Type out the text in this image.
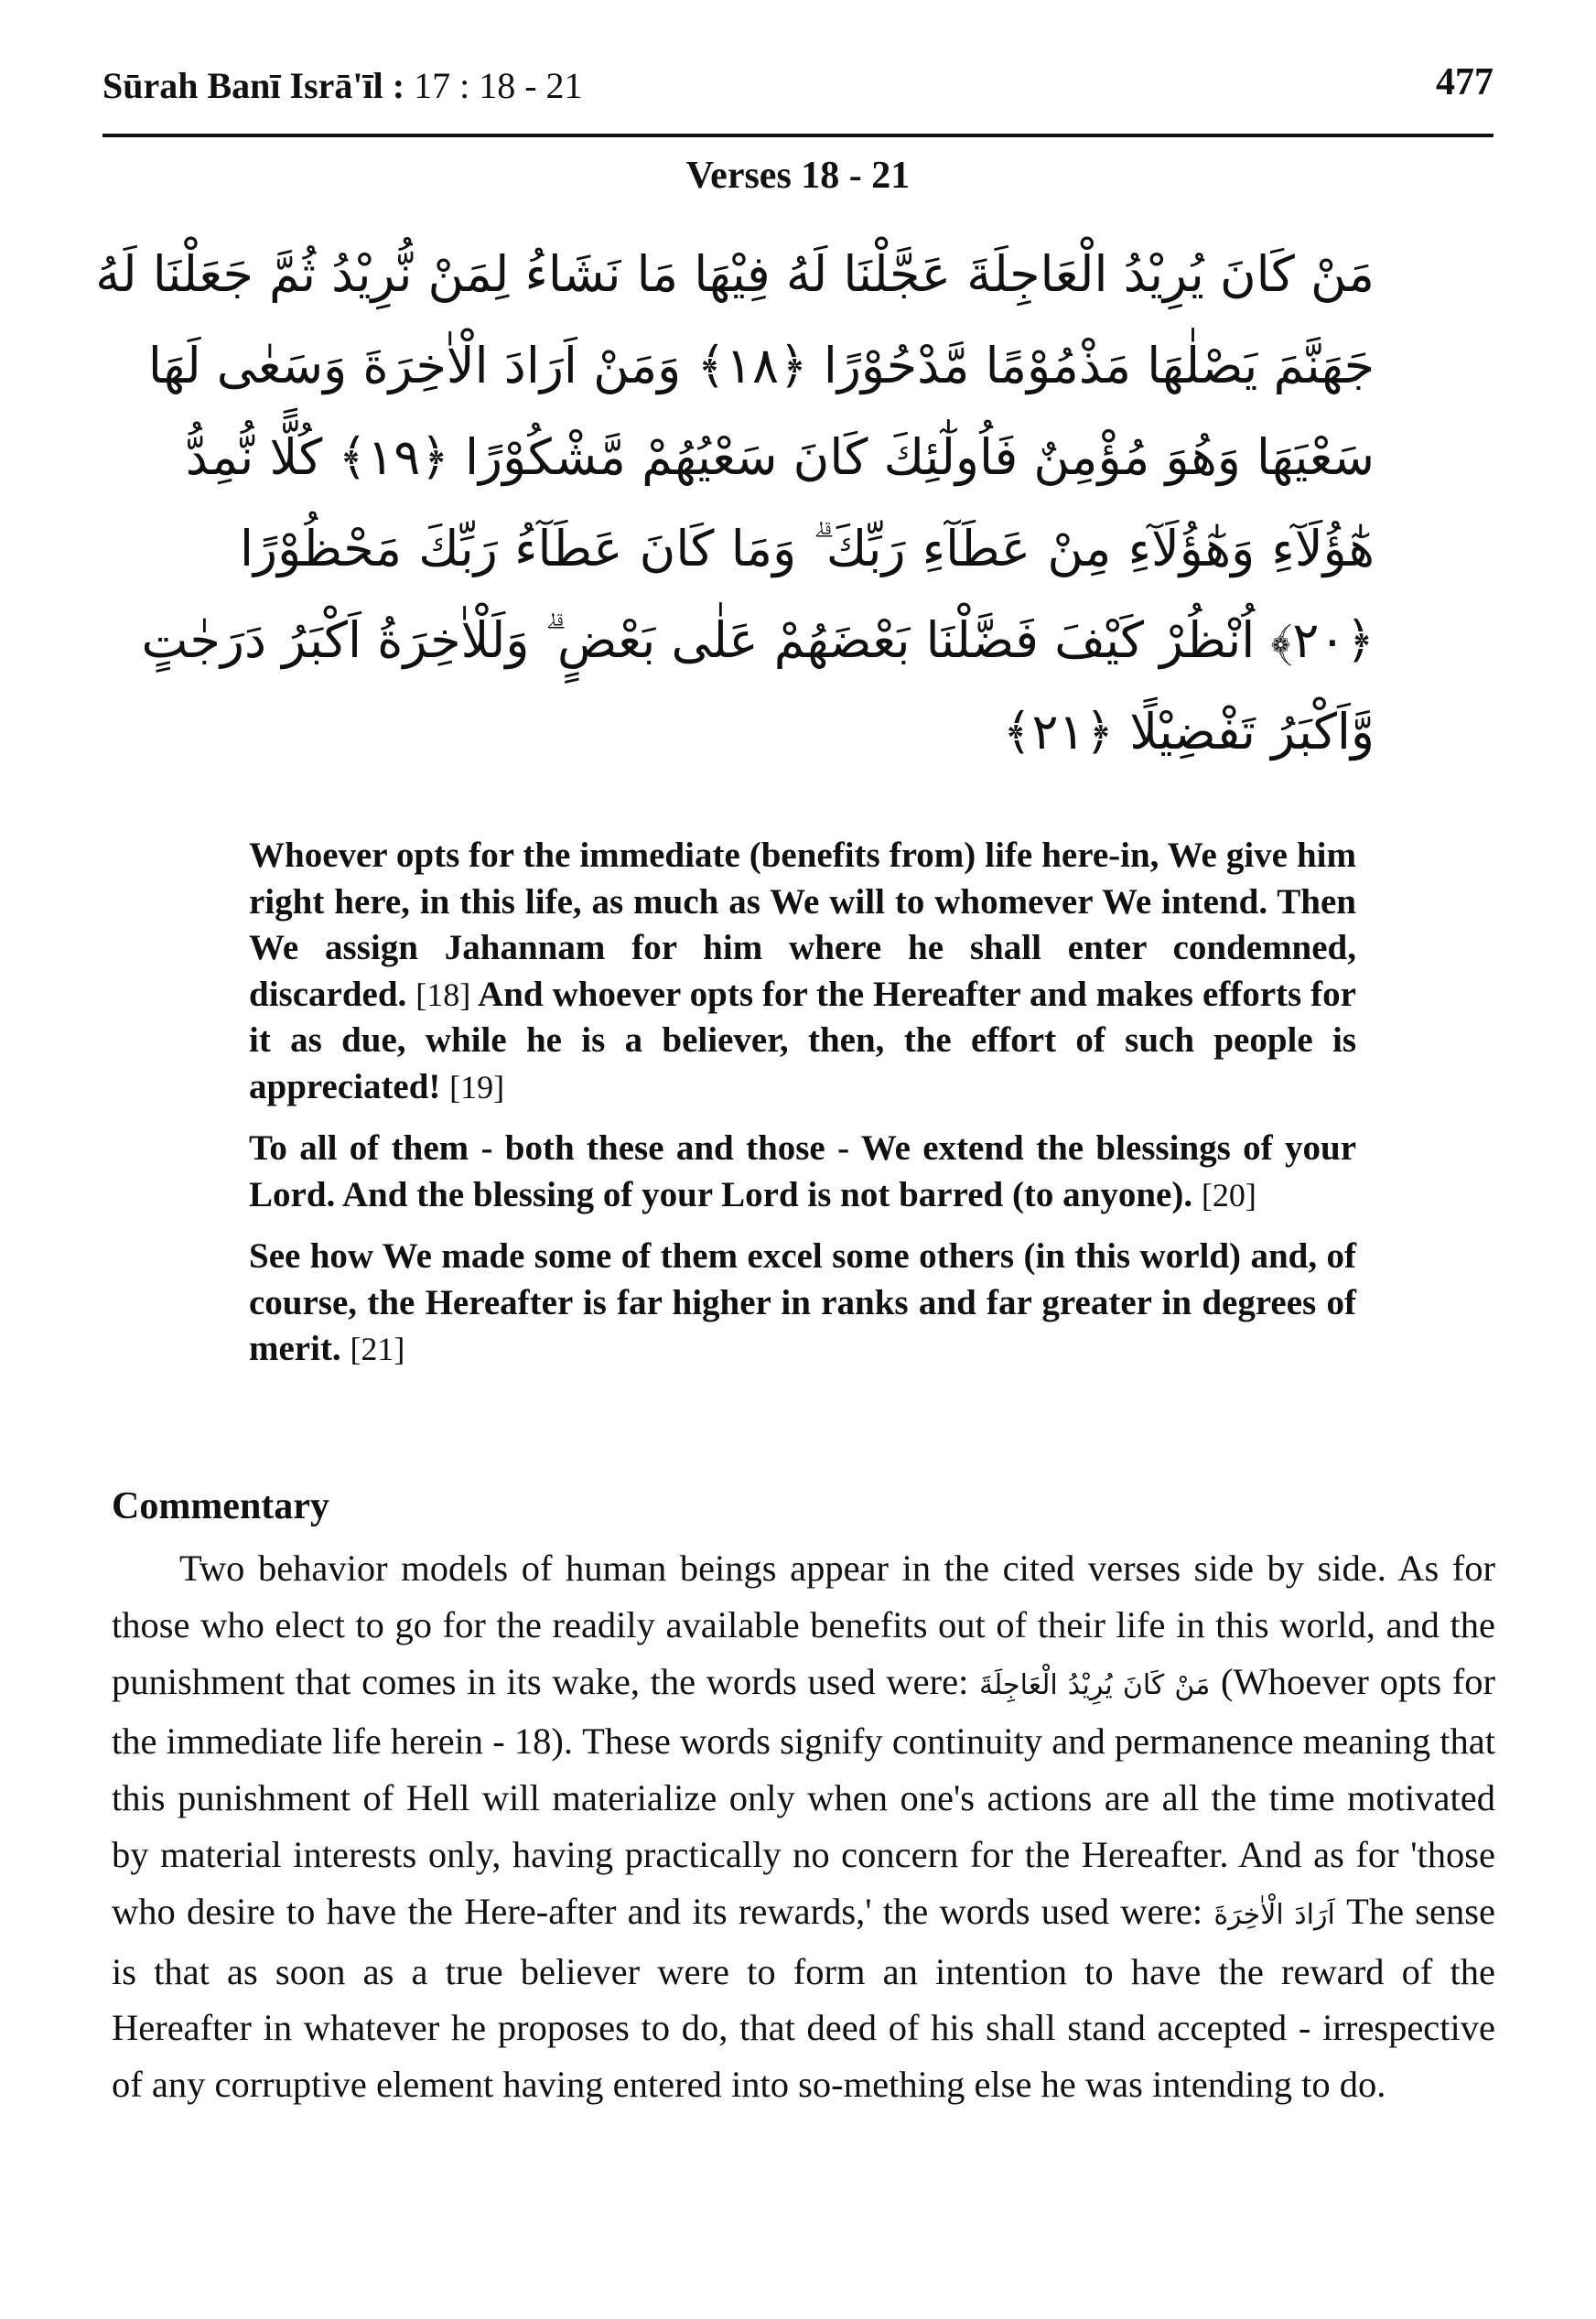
Sūrah Banī Isrā'īl : 17 : 18 - 21	477
Verses 18 - 21
مَنْ كَانَ يُرِيْدُ الْعَاجِلَةَ عَجَّلْنَا لَهُ فِيْهَا مَا نَشَاءُ لِمَنْ نُّرِيْدُ ثُمَّ جَعَلْنَا لَهُ
جَهَنَّمَ يَصْلٰهَا مَذْمُوْمًا مَّدْحُوْرًا ﴿١٨﴾ وَمَنْ اَرَادَ الْاٰخِرَةَ وَسَعٰى لَهَا
سَعْيَهَا وَهُوَ مُؤْمِنٌ فَاُولٰٓئِكَ كَانَ سَعْيُهُمْ مَّشْكُوْرًا ﴿١٩﴾ كُلًّا نُّمِدُّ
هٰٓؤُلَآءِ وَهٰٓؤُلَآءِ مِنْ عَطَآءِ رَبِّكَ ۗ وَمَا كَانَ عَطَآءُ رَبِّكَ مَحْظُوْرًا
﴿٢٠﴾ اُنْظُرْ كَيْفَ فَضَّلْنَا بَعْضَهُمْ عَلٰى بَعْضٍ ۗ وَلَلْاٰخِرَةُ اَكْبَرُ دَرَجٰتٍ
وَّاَكْبَرُ تَفْضِيْلًا ﴿٢١﴾

Whoever opts for the immediate (benefits from) life here-in, We give him right here, in this life, as much as We will to whomever We intend. Then We assign Jahannam for him where he shall enter condemned, discarded. [18] And whoever opts for the Hereafter and makes efforts for it as due, while he is a believer, then, the effort of such people is appreciated! [19]

To all of them - both these and those - We extend the blessings of your Lord. And the blessing of your Lord is not barred (to anyone). [20]

See how We made some of them excel some others (in this world) and, of course, the Hereafter is far higher in ranks and far greater in degrees of merit. [21]

Commentary

Two behavior models of human beings appear in the cited verses side by side. As for those who elect to go for the readily available benefits out of their life in this world, and the punishment that comes in its wake, the words used were: مَنْ كَانَ يُرِيْدُ الْعَاجِلَةَ (Whoever opts for the immediate life herein - 18). These words signify continuity and permanence meaning that this punishment of Hell will materialize only when one's actions are all the time motivated by material interests only, having practically no concern for the Hereafter. And as for 'those who desire to have the Here-after and its rewards,' the words used were: اَرَادَ الْاٰخِرَةَ The sense is that as soon as a true believer were to form an intention to have the reward of the Hereafter in whatever he proposes to do, that deed of his shall stand accepted - irrespective of any corruptive element having entered into so-mething else he was intending to do.
